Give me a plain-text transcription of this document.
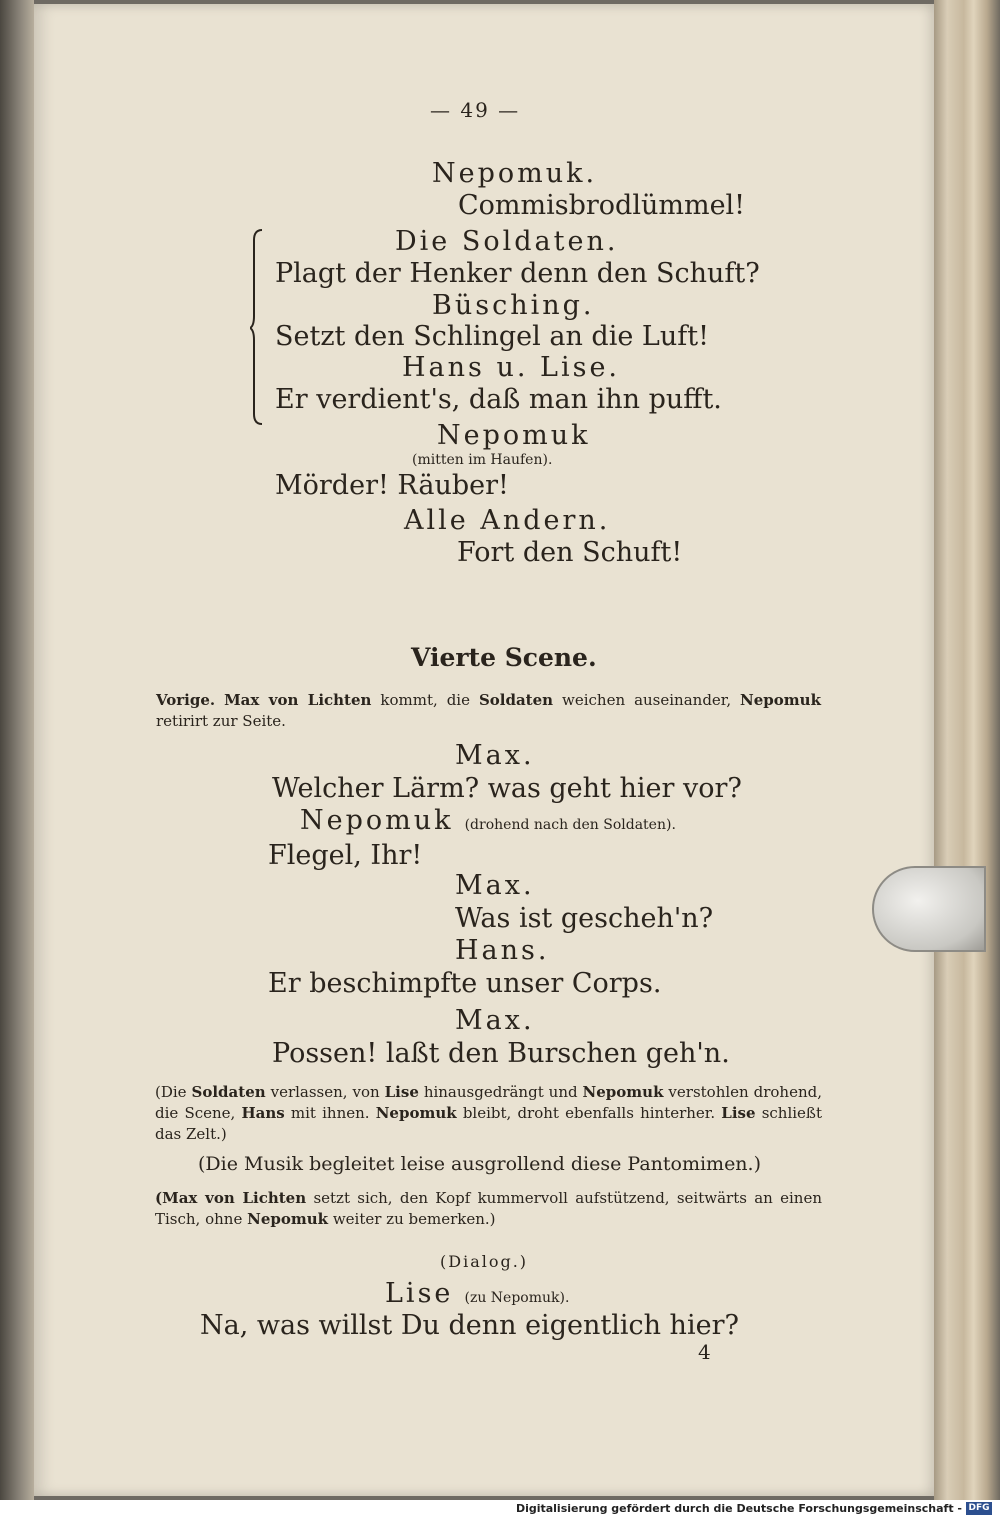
— 49 —
Nepomuk.
Commisbrodlümmel!
Die Soldaten.
Plagt der Henker denn den Schuft?
Büsching.
Setzt den Schlingel an die Luft!
Hans u. Lise.
Er verdient's, daß man ihn pufft.
Nepomuk
(mitten im Haufen).
Mörder! Räuber!
Alle Andern.
Fort den Schuft!
Vierte Scene.
Vorige. Max von Lichten kommt, die Soldaten weichen auseinander, Nepomuk retirirt zur Seite.
Max.
Welcher Lärm? was geht hier vor?
Nepomuk (drohend nach den Soldaten).
Flegel, Ihr!
Max.
Was ist gescheh'n?
Hans.
Er beschimpfte unser Corps.
Max.
Possen! laßt den Burschen geh'n.
(Die Soldaten verlassen, von Lise hinausgedrängt und Nepomuk verstohlen drohend, die Scene, Hans mit ihnen. Nepomuk bleibt, droht ebenfalls hinterher. Lise schließt das Zelt.)
(Die Musik begleitet leise ausgrollend diese Pantomimen.)
(Max von Lichten setzt sich, den Kopf kummervoll aufstützend, seitwärts an einen Tisch, ohne Nepomuk weiter zu bemerken.)
(Dialog.)
Lise (zu Nepomuk).
Na, was willst Du denn eigentlich hier?
4
Digitalisierung gefördert durch die Deutsche Forschungsgemeinschaft - DFG
